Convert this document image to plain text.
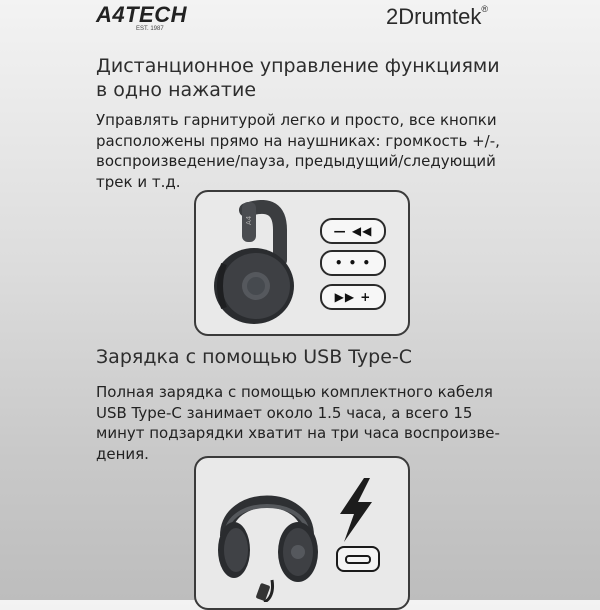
A4TECH
EST. 1987	2Drumtek®
Дистанционное управление функциями
в одно нажатие

Управлять гарнитурой легко и просто, все кнопки
расположены прямо на наушниках: громкость +/-,
воспроизведение/пауза, предыдущий/следующий
трек и т.д.

A4
— ◀◀
• • •
▶▶ +
Зарядка с помощью USB Type-C

Полная зарядка с помощью комплектного кабеля
USB Type-C занимает около 1.5 часа, а всего 15
минут подзарядки хватит на три часа воспроизве-
дения.
